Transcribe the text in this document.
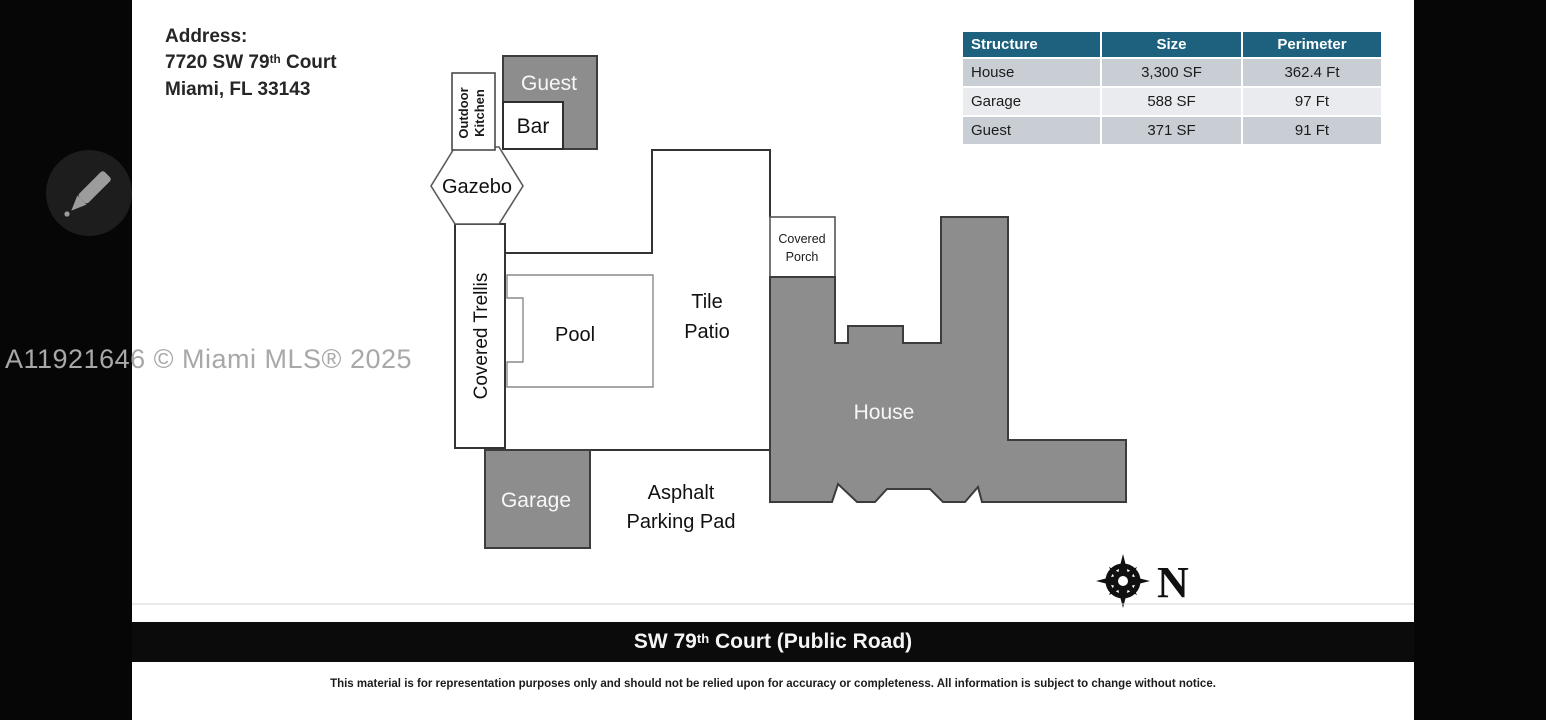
Address:
7720 SW 79th Court
Miami, FL 33143
Structure	Size	Perimeter
House	3,300 SF	362.4 Ft
Garage	588 SF	97 Ft
Guest	371 SF	91 Ft
Outdoor Kitchen
Guest
Bar
Gazebo
Covered Trellis	Pool
Tile
Patio
Covered
Porch
House
Garage	Asphalt
Parking Pad
N
A11921646 © Miami MLS® 2025
SW 79th Court (Public Road)
This material is for representation purposes only and should not be relied upon for accuracy or completeness. All information is subject to change without notice.
